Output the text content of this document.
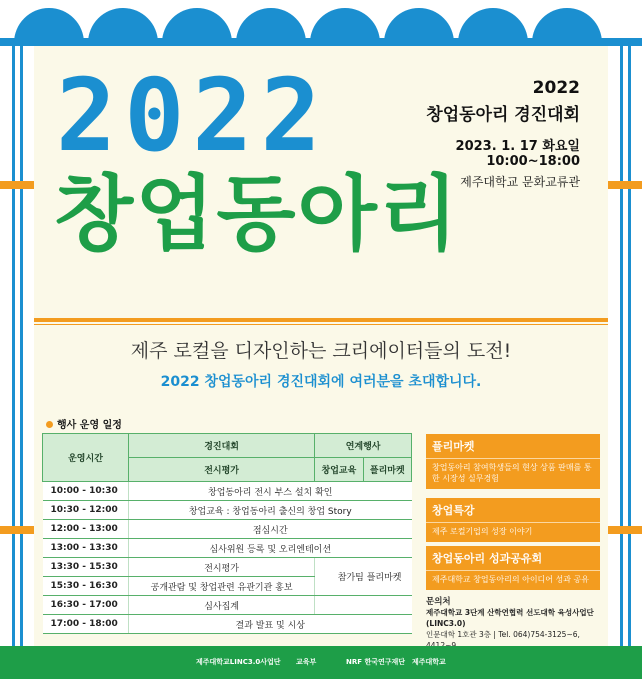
2022
창업동아리
2022
창업동아리 경진대회
2023. 1. 17 화요일
10:00~18:00
제주대학교 문화교류관
제주 로컬을 디자인하는 크리에이터들의 도전!
2022 창업동아리 경진대회에 여러분을 초대합니다.
행사 운영 일정
운영시간	경진대회	연계행사	
	전시평가	창업교육	플리마켓
10:00 - 10:30	창업동아리 전시 부스 설치 확인		
10:30 - 12:00	창업교육 : 창업동아리 출신의 창업 Story		
12:00 - 13:00	점심시간		
13:00 - 13:30	심사위원 등록 및 오리엔테이션		
13:30 - 15:30	전시평가	참가팀 플리마켓	
15:30 - 16:30	공개관람 및 창업관련 유관기관 홍보		
16:30 - 17:00	심사집계		
17:00 - 18:00	결과 발표 및 시상		
플리마켓
창업동아리 참여학생들의 현상 상품 판매를 통한 시장성 실무경험
창업특강
제주 로컬기업의 성장 이야기
창업동아리 성과공유회
제주대학교 창업동아리의 아이디어 성과 공유
문의처
제주대학교 3단계 산학연협력 선도대학 육성사업단(LINC3.0)
인문대학 1호관 3층 | Tel. 064)754-3125~6,
제주대학교LINC3.0사업단 교육부	NRF 한국연구재단 제주대학교
